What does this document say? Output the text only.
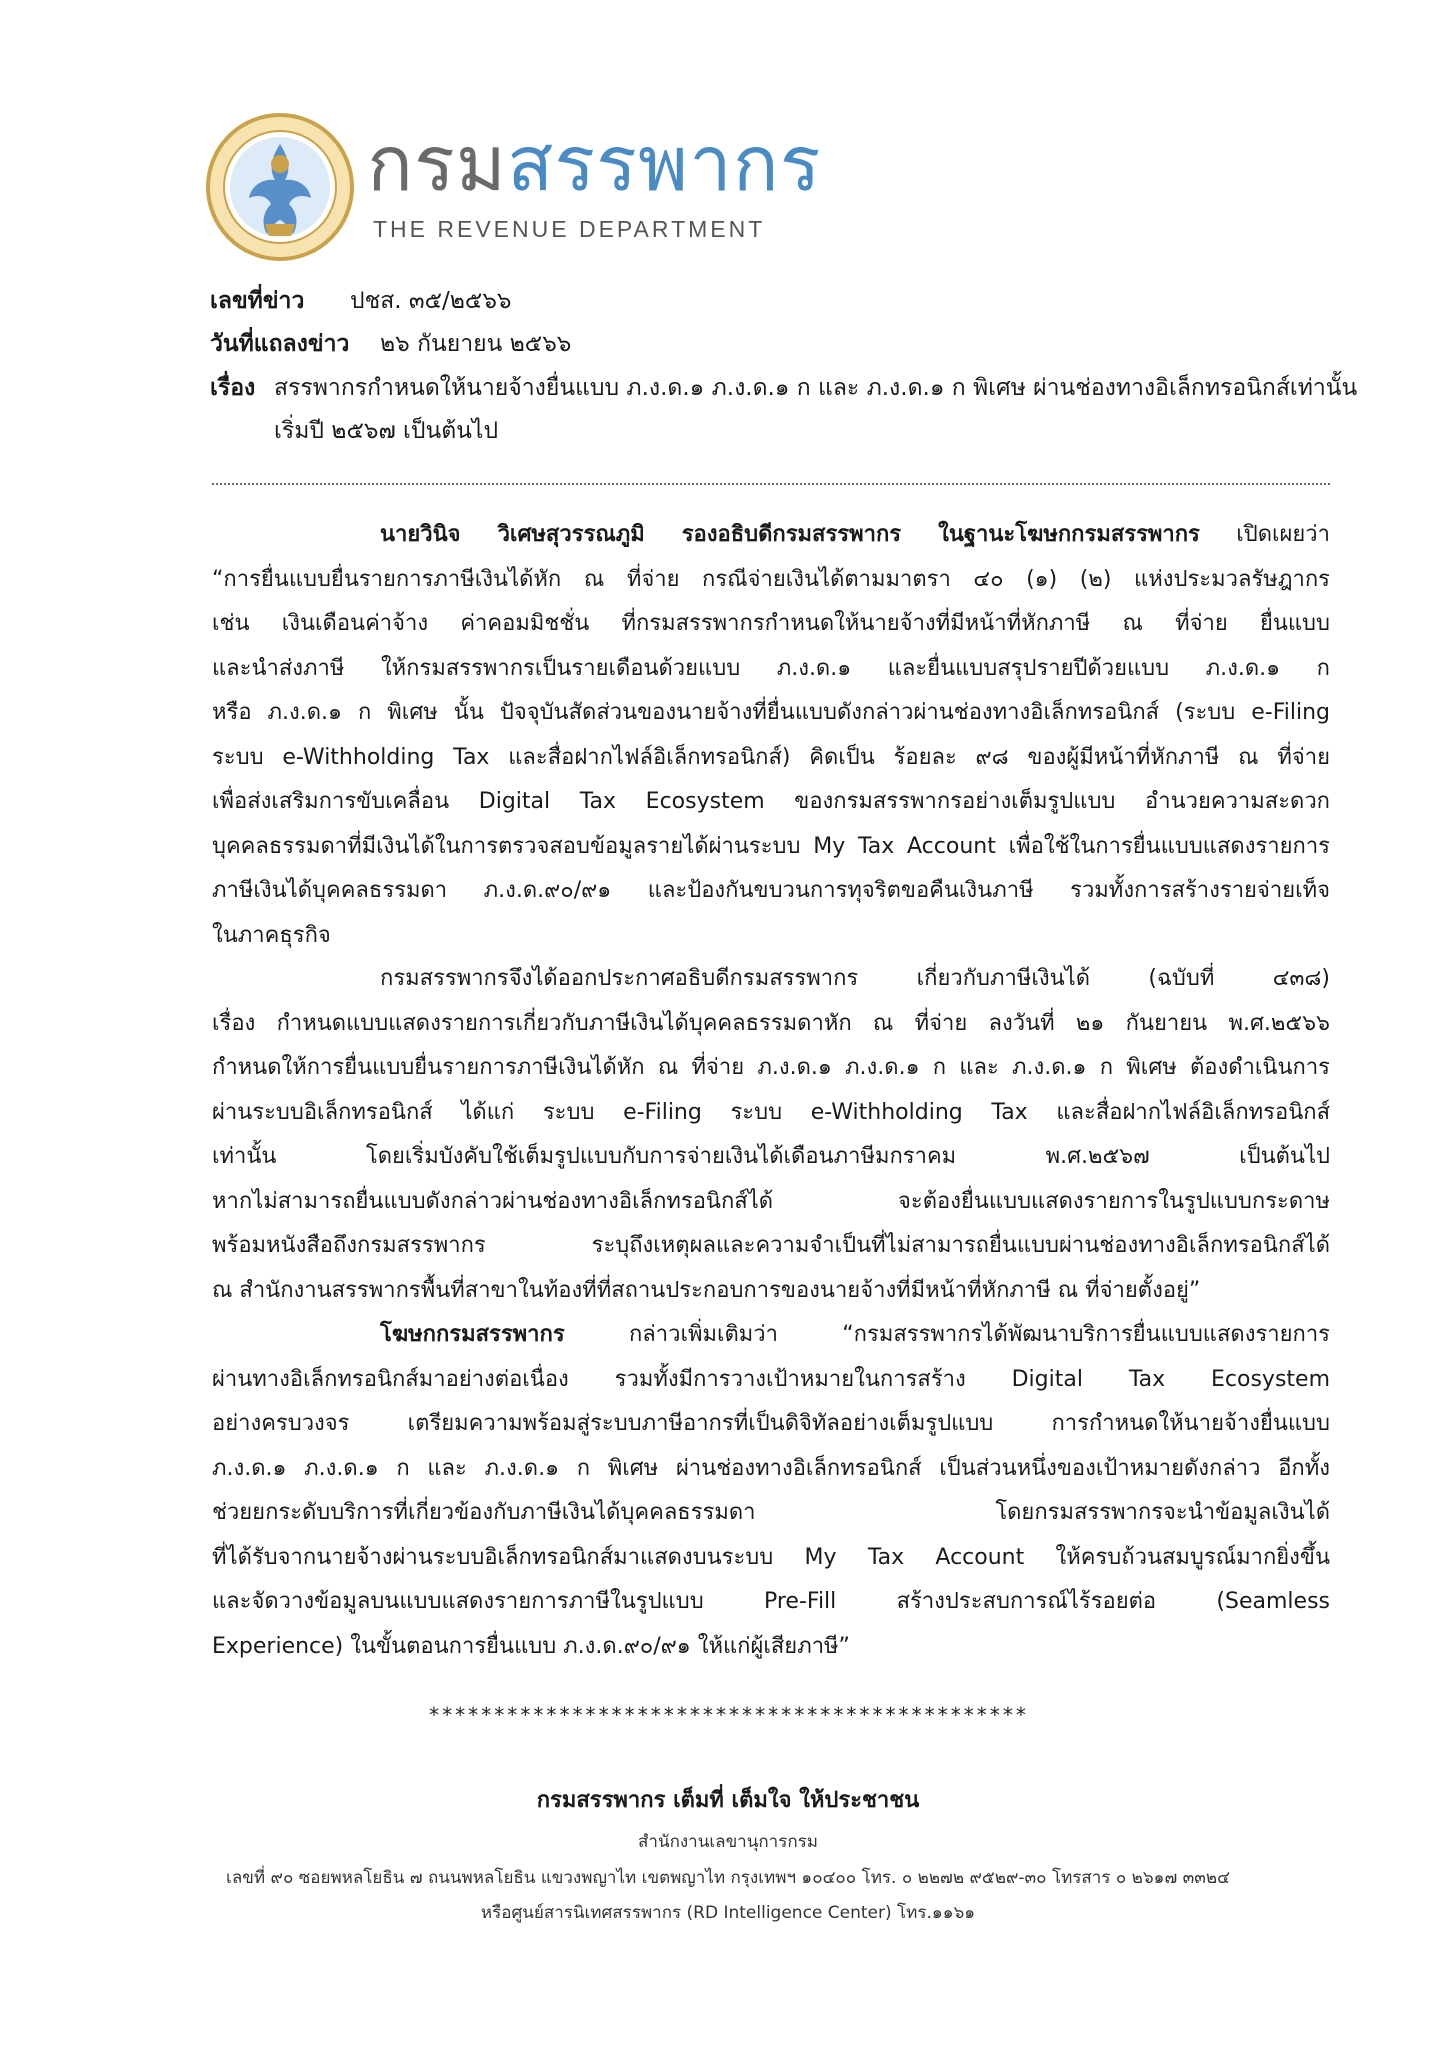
กรมสรรพากร
THE REVENUE DEPARTMENT
เลขที่ข่าว ปชส. ๓๕/๒๕๖๖
วันที่แถลงข่าว ๒๖ กันยายน ๒๕๖๖
เรื่อง สรรพากรกำหนดให้นายจ้างยื่นแบบ ภ.ง.ด.๑ ภ.ง.ด.๑ ก และ ภ.ง.ด.๑ ก พิเศษ ผ่านช่องทางอิเล็กทรอนิกส์เท่านั้น
เริ่มปี ๒๕๖๗ เป็นต้นไป
นายวินิจ วิเศษสุวรรณภูมิ รองอธิบดีกรมสรรพากร ในฐานะโฆษกกรมสรรพากร เปิดเผยว่า
“การยื่นแบบยื่นรายการภาษีเงินได้หัก ณ ที่จ่าย กรณีจ่ายเงินได้ตามมาตรา ๔๐ (๑) (๒) แห่งประมวลรัษฎากร
เช่น เงินเดือนค่าจ้าง ค่าคอมมิชชั่น ที่กรมสรรพากรกำหนดให้นายจ้างที่มีหน้าที่หักภาษี ณ ที่จ่าย ยื่นแบบ
และนำส่งภาษี ให้กรมสรรพากรเป็นรายเดือนด้วยแบบ ภ.ง.ด.๑ และยื่นแบบสรุปรายปีด้วยแบบ ภ.ง.ด.๑ ก
หรือ ภ.ง.ด.๑ ก พิเศษ นั้น ปัจจุบันสัดส่วนของนายจ้างที่ยื่นแบบดังกล่าวผ่านช่องทางอิเล็กทรอนิกส์ (ระบบ e-Filing
ระบบ e-Withholding Tax และสื่อฝากไฟล์อิเล็กทรอนิกส์) คิดเป็น ร้อยละ ๙๘ ของผู้มีหน้าที่หักภาษี ณ ที่จ่าย
เพื่อส่งเสริมการขับเคลื่อน Digital Tax Ecosystem ของกรมสรรพากรอย่างเต็มรูปแบบ อำนวยความสะดวก
บุคคลธรรมดาที่มีเงินได้ในการตรวจสอบข้อมูลรายได้ผ่านระบบ My Tax Account เพื่อใช้ในการยื่นแบบแสดงรายการ
ภาษีเงินได้บุคคลธรรมดา ภ.ง.ด.๙๐/๙๑ และป้องกันขบวนการทุจริตขอคืนเงินภาษี รวมทั้งการสร้างรายจ่ายเท็จ
ในภาคธุรกิจ
กรมสรรพากรจึงได้ออกประกาศอธิบดีกรมสรรพากร เกี่ยวกับภาษีเงินได้ (ฉบับที่ ๔๓๘)
เรื่อง กำหนดแบบแสดงรายการเกี่ยวกับภาษีเงินได้บุคคลธรรมดาหัก ณ ที่จ่าย ลงวันที่ ๒๑ กันยายน พ.ศ.๒๕๖๖
กำหนดให้การยื่นแบบยื่นรายการภาษีเงินได้หัก ณ ที่จ่าย ภ.ง.ด.๑ ภ.ง.ด.๑ ก และ ภ.ง.ด.๑ ก พิเศษ ต้องดำเนินการ
ผ่านระบบอิเล็กทรอนิกส์ ได้แก่ ระบบ e-Filing ระบบ e-Withholding Tax และสื่อฝากไฟล์อิเล็กทรอนิกส์
เท่านั้น โดยเริ่มบังคับใช้เต็มรูปแบบกับการจ่ายเงินได้เดือนภาษีมกราคม พ.ศ.๒๕๖๗ เป็นต้นไป
หากไม่สามารถยื่นแบบดังกล่าวผ่านช่องทางอิเล็กทรอนิกส์ได้ จะต้องยื่นแบบแสดงรายการในรูปแบบกระดาษ
พร้อมหนังสือถึงกรมสรรพากร ระบุถึงเหตุผลและความจำเป็นที่ไม่สามารถยื่นแบบผ่านช่องทางอิเล็กทรอนิกส์ได้
ณ สำนักงานสรรพากรพื้นที่สาขาในท้องที่ที่สถานประกอบการของนายจ้างที่มีหน้าที่หักภาษี ณ ที่จ่ายตั้งอยู่”
โฆษกกรมสรรพากร กล่าวเพิ่มเติมว่า “กรมสรรพากรได้พัฒนาบริการยื่นแบบแสดงรายการ
ผ่านทางอิเล็กทรอนิกส์มาอย่างต่อเนื่อง รวมทั้งมีการวางเป้าหมายในการสร้าง Digital Tax Ecosystem
อย่างครบวงจร เตรียมความพร้อมสู่ระบบภาษีอากรที่เป็นดิจิทัลอย่างเต็มรูปแบบ การกำหนดให้นายจ้างยื่นแบบ
ภ.ง.ด.๑ ภ.ง.ด.๑ ก และ ภ.ง.ด.๑ ก พิเศษ ผ่านช่องทางอิเล็กทรอนิกส์ เป็นส่วนหนึ่งของเป้าหมายดังกล่าว อีกทั้ง
ช่วยยกระดับบริการที่เกี่ยวข้องกับภาษีเงินได้บุคคลธรรมดา โดยกรมสรรพากรจะนำข้อมูลเงินได้
ที่ได้รับจากนายจ้างผ่านระบบอิเล็กทรอนิกส์มาแสดงบนระบบ My Tax Account ให้ครบถ้วนสมบูรณ์มากยิ่งขึ้น
และจัดวางข้อมูลบนแบบแสดงรายการภาษีในรูปแบบ Pre-Fill สร้างประสบการณ์ไร้รอยต่อ (Seamless
Experience) ในขั้นตอนการยื่นแบบ ภ.ง.ด.๙๐/๙๑ ให้แก่ผู้เสียภาษี”
**********************************************
กรมสรรพากร เต็มที่ เต็มใจ ให้ประชาชน
สำนักงานเลขานุการกรม
เลขที่ ๙๐ ซอยพหลโยธิน ๗ ถนนพหลโยธิน แขวงพญาไท เขตพญาไท กรุงเทพฯ ๑๐๔๐๐ โทร. ๐ ๒๒๗๒ ๙๕๒๙-๓๐ โทรสาร ๐ ๒๖๑๗ ๓๓๒๔
หรือศูนย์สารนิเทศสรรพากร (RD Intelligence Center) โทร.๑๑๖๑
